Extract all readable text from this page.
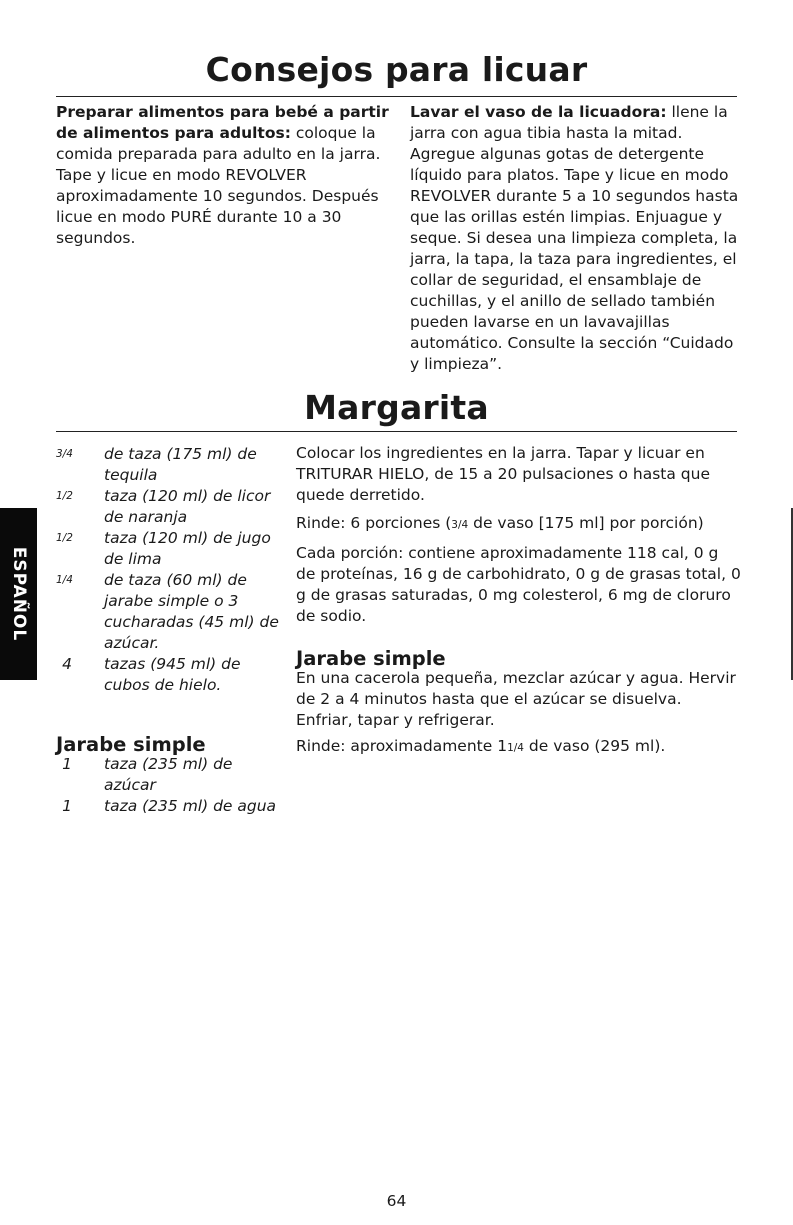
Consejos para licuar

Preparar alimentos para bebé a partir de alimentos para adultos: coloque la comida preparada para adulto en la jarra. Tape y licue en modo REVOLVER aproximadamente 10 segundos. Después licue en modo PURÉ durante 10 a 30 segundos.

Lavar el vaso de la licuadora: llene la jarra con agua tibia hasta la mitad. Agregue algunas gotas de detergente líquido para platos. Tape y licue en modo REVOLVER durante 5 a 10 segundos hasta que las orillas estén limpias. Enjuague y seque. Si desea una limpieza completa, la jarra, la tapa, la taza para ingredientes, el collar de seguridad, el ensamblaje de cuchillas, y el anillo de sellado también pueden lavarse en un lavavajillas automático. Consulte la sección “Cuidado y limpieza”.

Margarita
3/4 de taza (175 ml) de tequila
1/2 taza (120 ml) de licor de naranja
1/2 taza (120 ml) de jugo de lima
1/4 de taza (60 ml) de jarabe simple o 3 cucharadas (45 ml) de azúcar.
4 tazas (945 ml) de cubos de hielo.

Colocar los ingredientes en la jarra. Tapar y licuar en TRITURAR HIELO, de 15 a 20 pulsaciones o hasta que quede derretido.

Rinde: 6 porciones (3/4 de vaso [175 ml] por porción)

Cada porción: contiene aproximadamente 118 cal, 0 g de proteínas, 16 g de carbohidrato, 0 g de grasas total, 0 g de grasas saturadas, 0 mg colesterol, 6 mg de cloruro de sodio.

Jarabe simple
1 taza (235 ml) de azúcar
1 taza (235 ml) de agua
Jarabe simple

En una cacerola pequeña, mezclar azúcar y agua. Hervir de 2 a 4 minutos hasta que el azúcar se disuelva. Enfriar, tapar y refrigerar.

Rinde: aproximadamente 11/4 de vaso (295 ml).

ESPAÑOL
64
